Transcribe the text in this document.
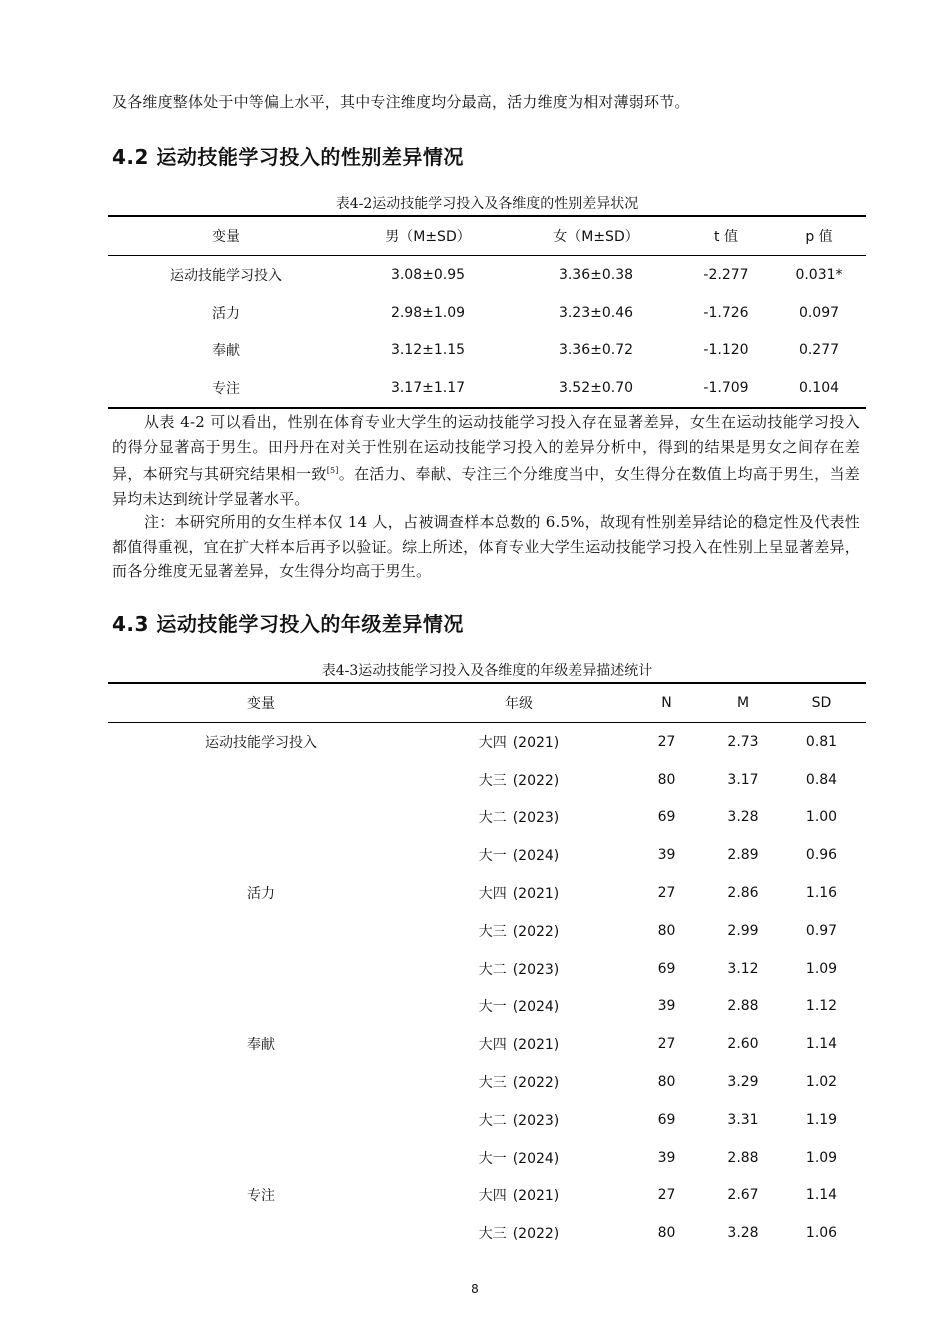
及各维度整体处于中等偏上水平，其中专注维度均分最高，活力维度为相对薄弱环节。

4.2 运动技能学习投入的性别差异情况

表4-2运动技能学习投入及各维度的性别差异状况

变量	男（M±SD）	女（M±SD）	t 值	p 值
运动技能学习投入	3.08±0.95	3.36±0.38	-2.277	0.031*
活力	2.98±1.09	3.23±0.46	-1.726	0.097
奉献	3.12±1.15	3.36±0.72	-1.120	0.277
专注	3.17±1.17	3.52±0.70	-1.709	0.104

从表 4-2 可以看出，性别在体育专业大学生的运动技能学习投入存在显著差异，女生在运动技能学习投入的得分显著高于男生。田丹丹在对关于性别在运动技能学习投入的差异分析中，得到的结果是男女之间存在差异，本研究与其研究结果相一致[5]。在活力、奉献、专注三个分维度当中，女生得分在数值上均高于男生，当差异均未达到统计学显著水平。

注：本研究所用的女生样本仅 14 人，占被调查样本总数的 6.5%，故现有性别差异结论的稳定性及代表性都值得重视，宜在扩大样本后再予以验证。综上所述，体育专业大学生运动技能学习投入在性别上呈显著差异，而各分维度无显著差异，女生得分均高于男生。

4.3 运动技能学习投入的年级差异情况

表4-3运动技能学习投入及各维度的年级差异描述统计

变量	年级	N	M	SD
运动技能学习投入	大四 (2021)	27	2.73	0.81
	大三 (2022)	80	3.17	0.84
	大二 (2023)	69	3.28	1.00
	大一 (2024)	39	2.89	0.96
活力	大四 (2021)	27	2.86	1.16
	大三 (2022)	80	2.99	0.97
	大二 (2023)	69	3.12	1.09
	大一 (2024)	39	2.88	1.12
奉献	大四 (2021)	27	2.60	1.14
	大三 (2022)	80	3.29	1.02
	大二 (2023)	69	3.31	1.19
	大一 (2024)	39	2.88	1.09
专注	大四 (2021)	27	2.67	1.14
	大三 (2022)	80	3.28	1.06
8
